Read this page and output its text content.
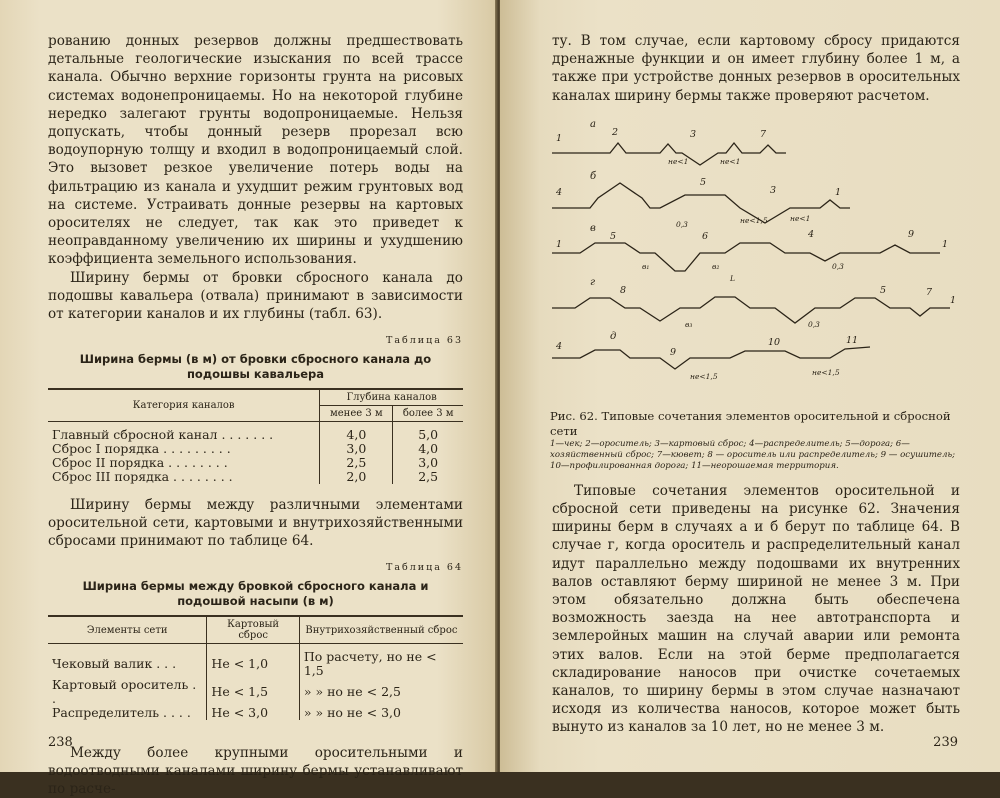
рованию донных резервов должны предшествовать детальные геологические изыскания по всей трассе канала. Обычно верхние горизонты грунта на рисовых системах водонепроницаемы. Но на некоторой глубине нередко залегают грунты водопроницаемые. Нельзя допускать, чтобы донный резерв прорезал всю водоупорную толщу и входил в водопроницаемый слой. Это вызовет резкое увеличение потерь воды на фильтрацию из канала и ухудшит режим грунтовых вод на системе. Устраивать донные резервы на картовых оросителях не следует, так как это приведет к неоправданному увеличению их ширины и ухудшению коэффициента земельного использования.

Ширину бермы от бровки сбросного канала до подошвы кавальера (отвала) принимают в зависимости от категории каналов и их глубины (табл. 63).

Таблица 63
Ширина бермы (в м) от бровки сбросного канала до подошвы кавальера
Категория каналов	Глубина каналов	
	менее 3 м	более 3 м

Главный сбросной канал . . . . . . .	4,0	5,0
Сброс I порядка . . . . . . . . .	3,0	4,0
Сброс II порядка . . . . . . . .	2,5	3,0
Сброс III порядка . . . . . . . .	2,0	2,5

Ширину бермы между различными элементами оросительной сети, картовыми и внутрихозяйственными сбросами принимают по таблице 64.

Таблица 64
Ширина бермы между бровкой сбросного канала и подошвой насыпи (в м)
Элементы сети	Картовый сброс	Внутрихозяйственный сброс

Чековый валик . . .	Не < 1,0	По расчету, но не < 1,5
Картовый ороситель . .	Не < 1,5	» » но не < 2,5
Распределитель . . . .	Не < 3,0	» » но не < 3,0

Между более крупными оросительными и водоотводными каналами ширину бермы устанавливают по расче-

238

ту. В том случае, если картовому сбросу придаются дренажные функции и он имеет глубину более 1 м, а также при устройстве донных резервов в оросительных каналах ширину бермы также проверяют расчетом.

а
б
в
г
д
1
2	3	7
4
5
3	1
1
5	6	4	9
1
8	5	7
1
4	10
9
11
не<1	не<1
не<1,5	не<1
0,3
в₁	в₂
L
0,3
в₃	0,3
не<1,5	не<1,5
Рис. 62. Типовые сочетания элементов оросительной и сбросной сети
1—чек; 2—ороситель; 3—картовый сброс; 4—распределитель; 5—дорога; 6—хозяйственный сброс; 7—кювет; 8 — ороситель или распределитель; 9 — осушитель; 10—профилированная дорога; 11—неорошаемая территория.

Типовые сочетания элементов оросительной и сбросной сети приведены на рисунке 62. Значения ширины берм в случаях а и б берут по таблице 64. В случае г, когда ороситель и распределительный канал идут параллельно между подошвами их внутренних валов оставляют берму шириной не менее 3 м. При этом обязательно должна быть обеспечена возможность заезда на нее автотранспорта и землеройных машин на случай аварии или ремонта этих валов. Если на этой берме предполагается складирование наносов при очистке сочетаемых каналов, то ширину бермы в этом случае назначают исходя из количества наносов, которое может быть вынуто из каналов за 10 лет, но не менее 3 м.

239
